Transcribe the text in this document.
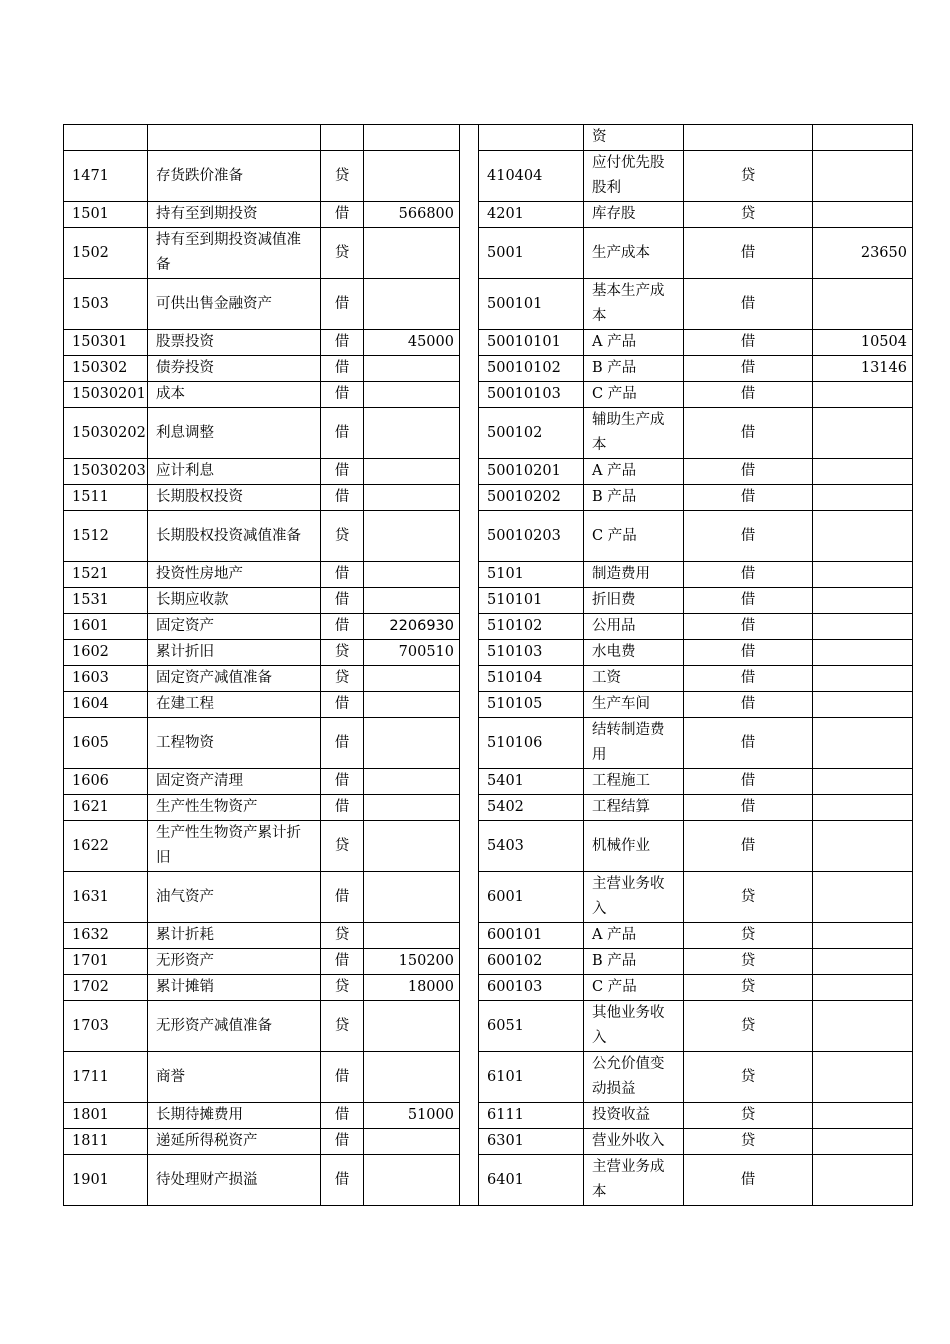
						资		
1471	存货跌价准备	贷			410404	应付优先股股利	贷	
1501	持有至到期投资	借	566800		4201	库存股	贷	
1502	持有至到期投资减值准备	贷			5001	生产成本	借	23650
1503	可供出售金融资产	借			500101	基本生产成本	借	
150301	股票投资	借	45000		50010101	A 产品	借	10504
150302	债券投资	借			50010102	B 产品	借	13146
15030201	成本	借			50010103	C 产品	借	
15030202	利息调整	借			500102	辅助生产成本	借	
15030203	应计利息	借			50010201	A 产品	借	
1511	长期股权投资	借			50010202	B 产品	借	
1512	长期股权投资减值准备	贷			50010203	C 产品	借	
1521	投资性房地产	借			5101	制造费用	借	
1531	长期应收款	借			510101	折旧费	借	
1601	固定资产	借	2206930		510102	公用品	借	
1602	累计折旧	贷	700510		510103	水电费	借	
1603	固定资产减值准备	贷			510104	工资	借	
1604	在建工程	借			510105	生产车间	借	
1605	工程物资	借			510106	结转制造费用	借	
1606	固定资产清理	借			5401	工程施工	借	
1621	生产性生物资产	借			5402	工程结算	借	
1622	生产性生物资产累计折旧	贷			5403	机械作业	借	
1631	油气资产	借			6001	主营业务收入	贷	
1632	累计折耗	贷			600101	A 产品	贷	
1701	无形资产	借	150200		600102	B 产品	贷	
1702	累计摊销	贷	18000		600103	C 产品	贷	
1703	无形资产减值准备	贷			6051	其他业务收入	贷	
1711	商誉	借			6101	公允价值变动损益	贷	
1801	长期待摊费用	借	51000		6111	投资收益	贷	
1811	递延所得税资产	借			6301	营业外收入	贷	
1901	待处理财产损溢	借			6401	主营业务成本	借	
